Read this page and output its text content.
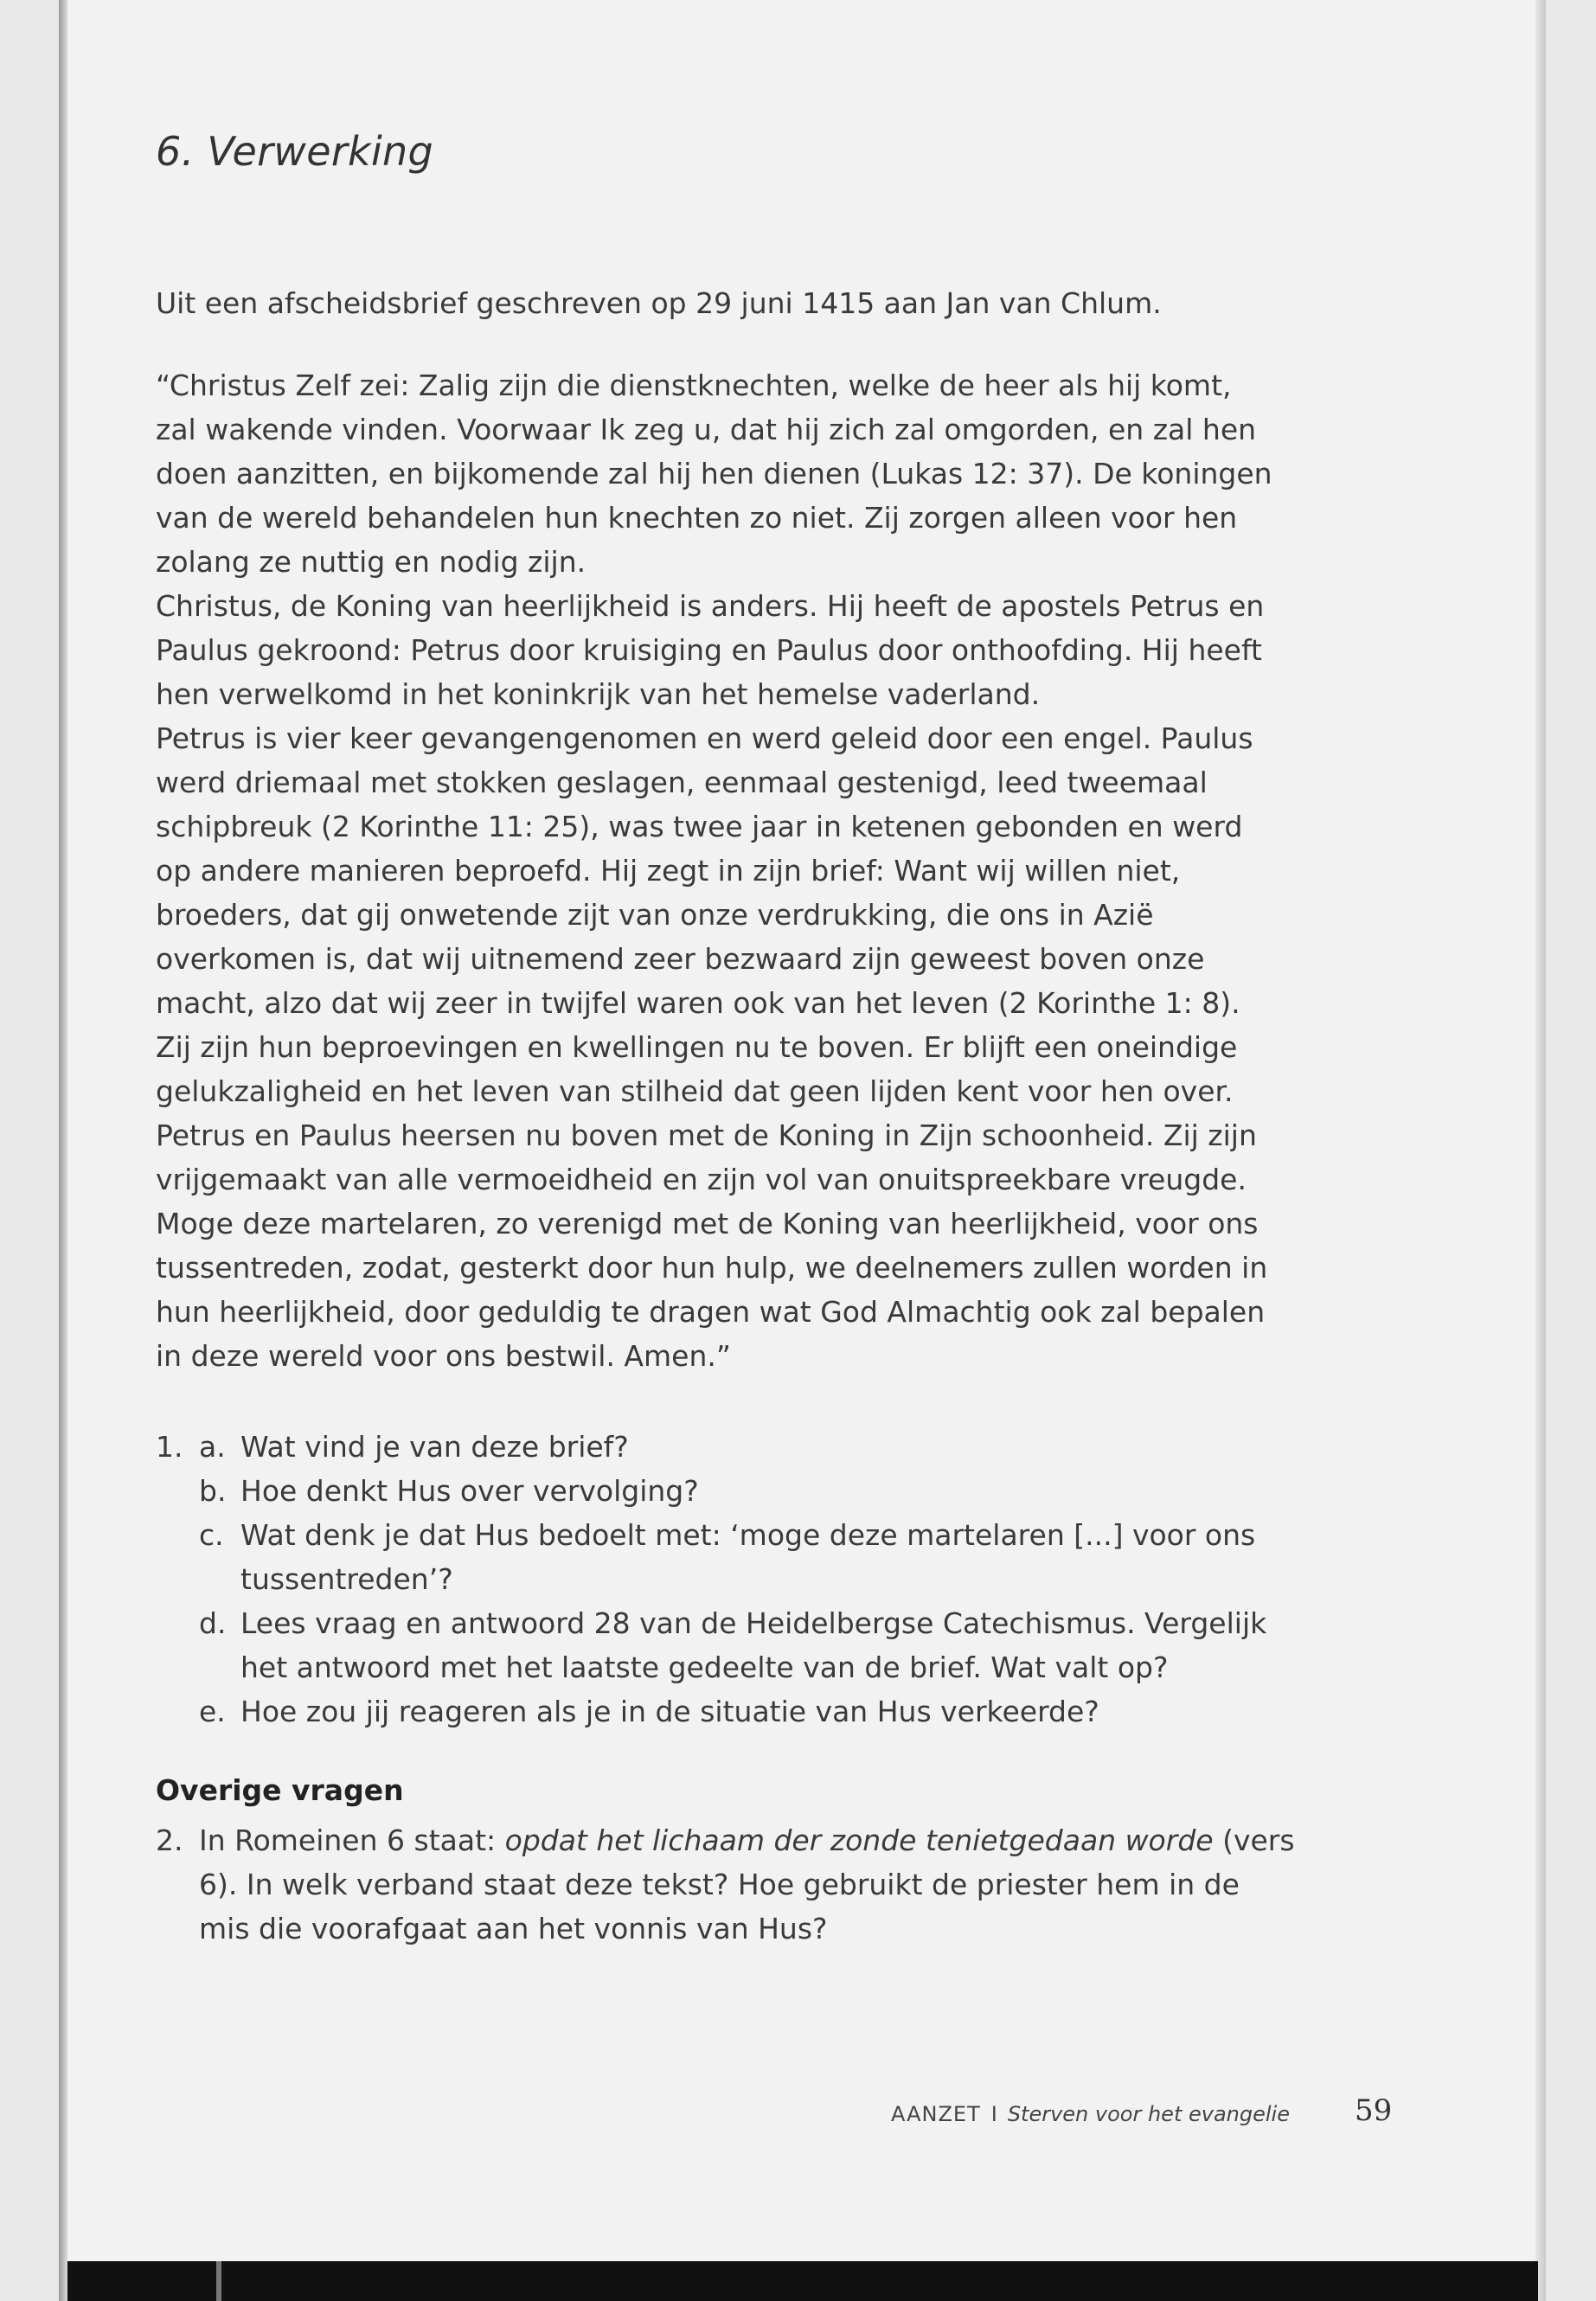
6. Verwerking

Uit een afscheidsbrief geschreven op 29 juni 1415 aan Jan van Chlum.

“Christus Zelf zei: Zalig zijn die dienstknechten, welke de heer als hij komt, zal wakende vinden. Voorwaar Ik zeg u, dat hij zich zal omgorden, en zal hen doen aanzitten, en bijkomende zal hij hen dienen (Lukas 12: 37). De koningen van de wereld behandelen hun knechten zo niet. Zij zorgen alleen voor hen zolang ze nuttig en nodig zijn.

Christus, de Koning van heerlijkheid is anders. Hij heeft de apostels Petrus en Paulus gekroond: Petrus door kruisiging en Paulus door onthoofding. Hij heeft hen verwelkomd in het koninkrijk van het hemelse vaderland.

Petrus is vier keer gevangengenomen en werd geleid door een engel. Paulus werd driemaal met stokken geslagen, eenmaal gestenigd, leed tweemaal schipbreuk (2 Korinthe 11: 25), was twee jaar in ketenen gebonden en werd op andere manieren beproefd. Hij zegt in zijn brief: Want wij willen niet, broeders, dat gij onwetende zijt van onze verdrukking, die ons in Azië overkomen is, dat wij uitnemend zeer bezwaard zijn geweest boven onze macht, alzo dat wij zeer in twijfel waren ook van het leven (2 Korinthe 1: 8).

Zij zijn hun beproevingen en kwellingen nu te boven. Er blijft een oneindige gelukzaligheid en het leven van stilheid dat geen lijden kent voor hen over. Petrus en Paulus heersen nu boven met de Koning in Zijn schoonheid. Zij zijn vrijgemaakt van alle vermoeidheid en zijn vol van onuitspreekbare vreugde. Moge deze martelaren, zo verenigd met de Koning van heerlijkheid, voor ons tussentreden, zodat, gesterkt door hun hulp, we deelnemers zullen worden in hun heerlijkheid, door geduldig te dragen wat God Almachtig ook zal bepalen in deze wereld voor ons bestwil. Amen.”

1. a. Wat vind je van deze brief?
b. Hoe denkt Hus over vervolging?
c. Wat denk je dat Hus bedoelt met: ‘moge deze martelaren [...] voor ons tussentreden’?
d. Lees vraag en antwoord 28 van de Heidelbergse Catechismus. Vergelijk het antwoord met het laatste gedeelte van de brief. Wat valt op?
e. Hoe zou jij reageren als je in de situatie van Hus verkeerde?
Overige vragen
2. In Romeinen 6 staat: opdat het lichaam der zonde tenietgedaan worde (vers 6). In welk verband staat deze tekst? Hoe gebruikt de priester hem in de mis die voorafgaat aan het vonnis van Hus?
AANZET I Sterven voor het evangelie 59
